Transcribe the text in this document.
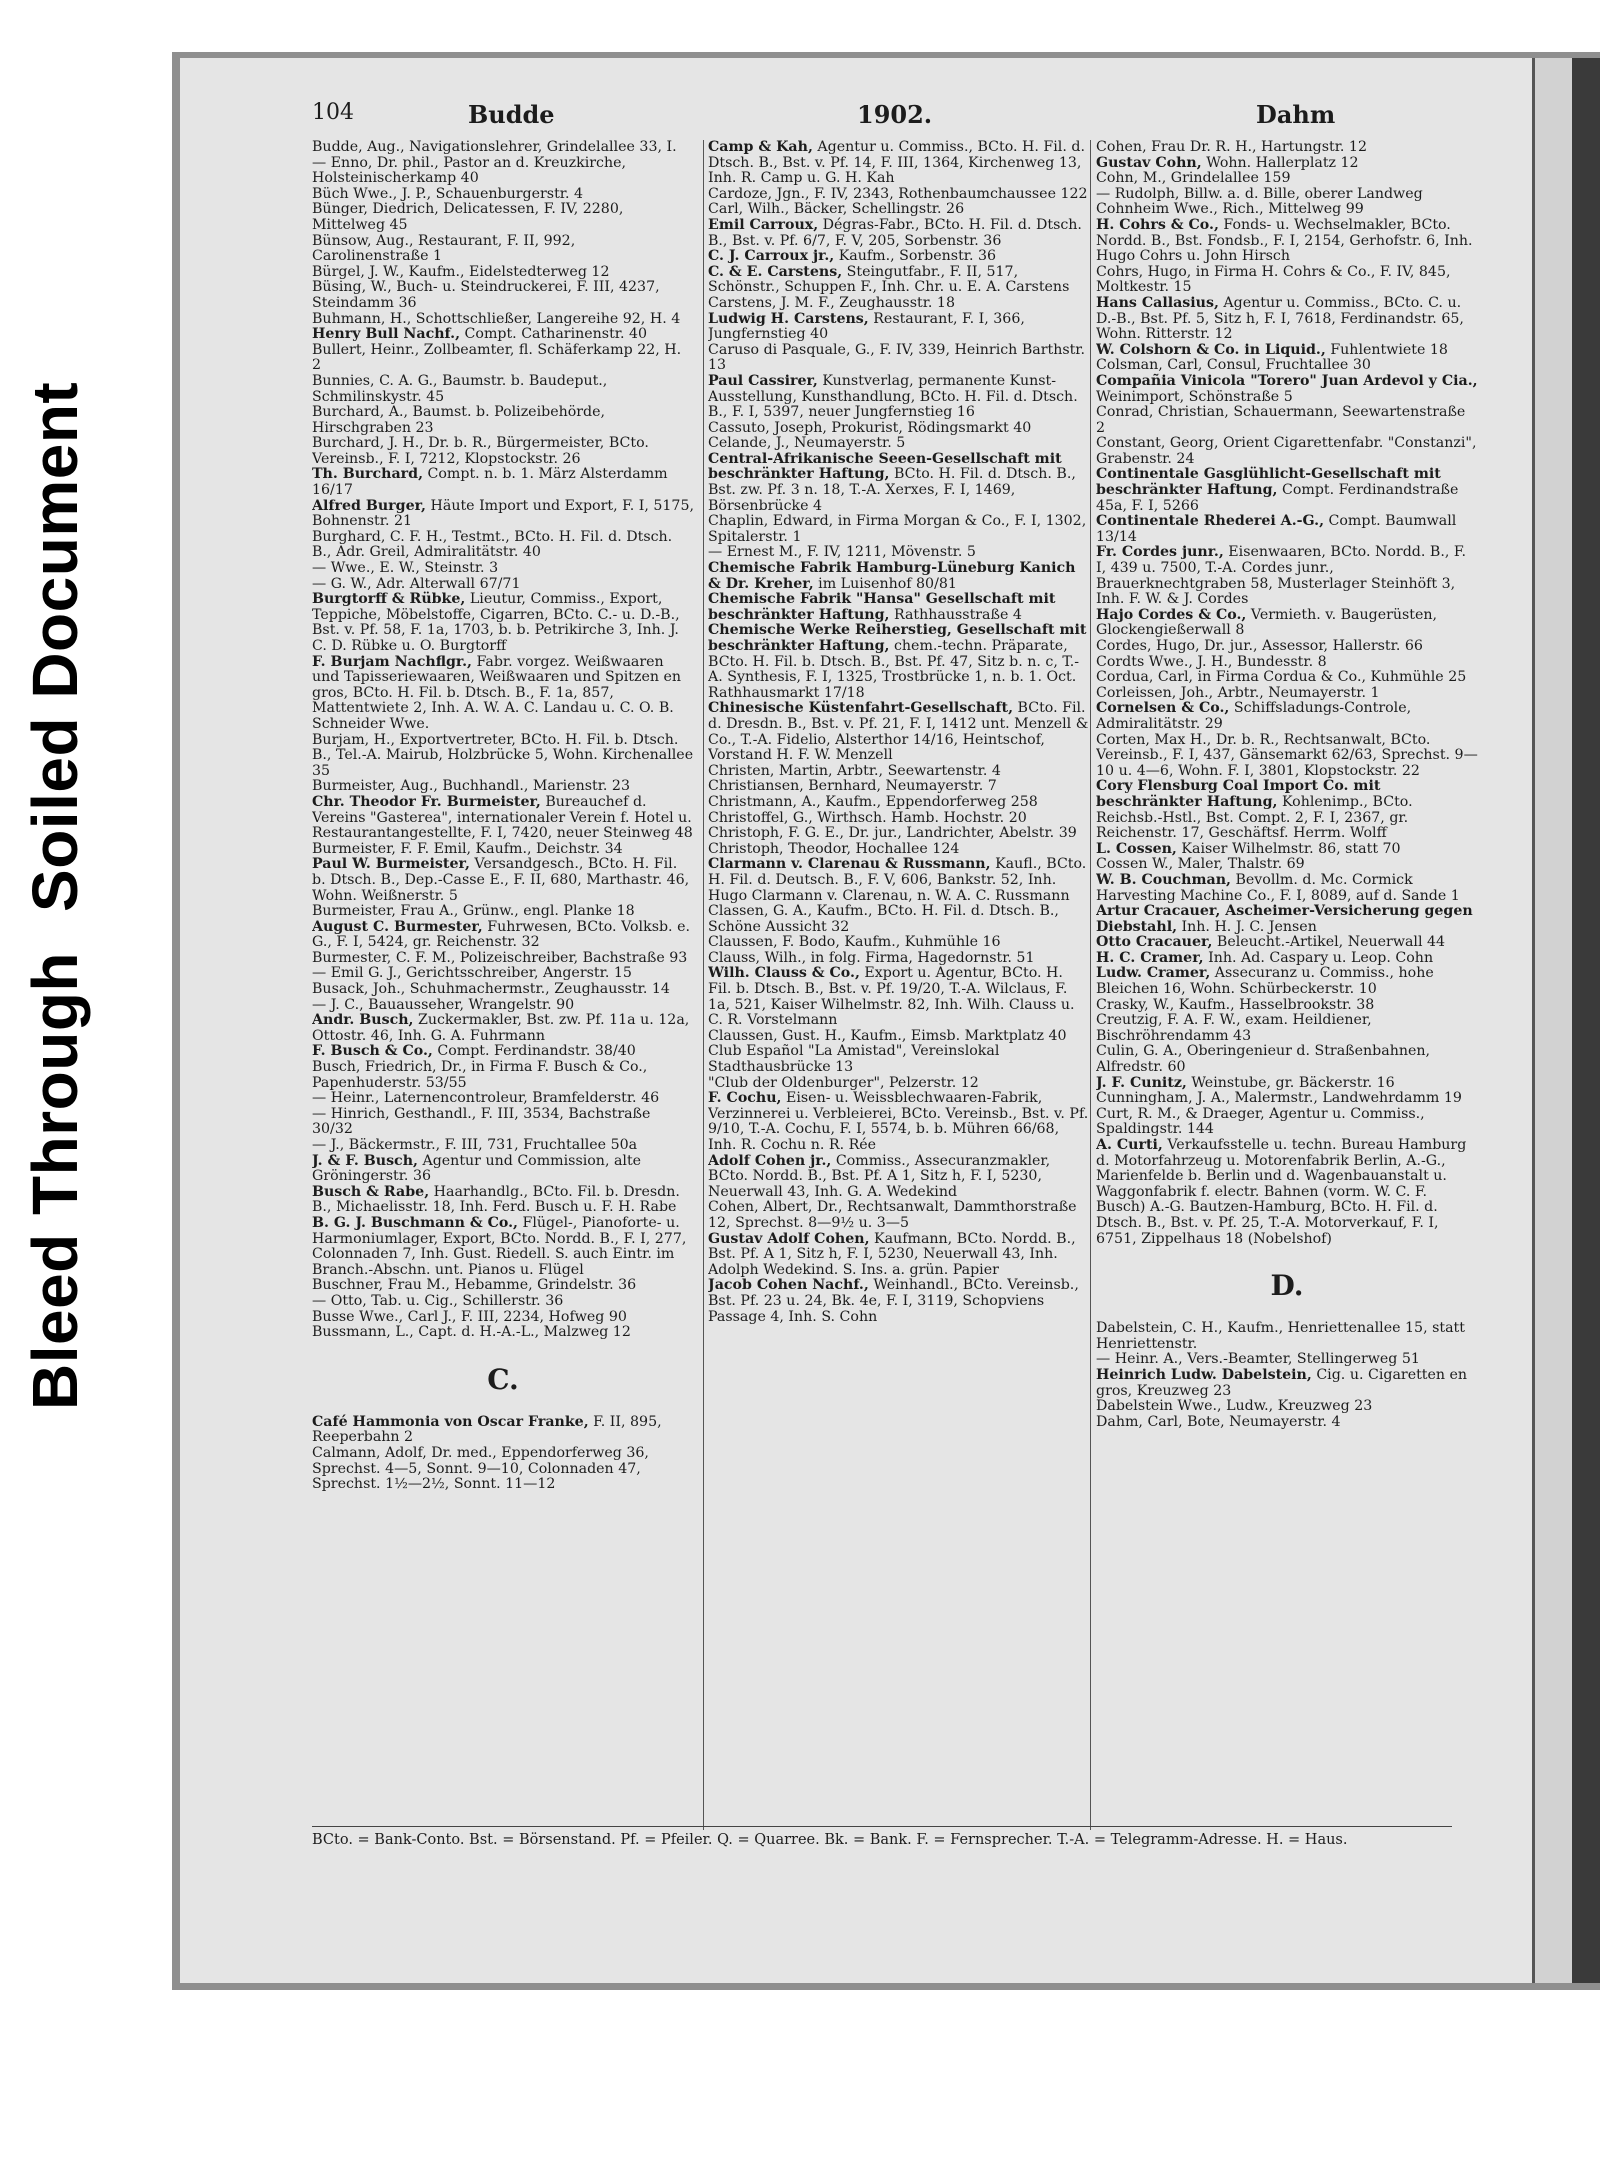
Bleed ThroughSoiled Document
104	Budde	1902.	Dahm

Budde, Aug., Navigationslehrer, Grindelallee 33, I.

— Enno, Dr. phil., Pastor an d. Kreuzkirche, Holsteinischerkamp 40

Büch Wwe., J. P., Schauenburgerstr. 4

Bünger, Diedrich, Delicatessen, F. IV, 2280, Mittelweg 45

Bünsow, Aug., Restaurant, F. II, 992, Carolinenstraße 1

Bürgel, J. W., Kaufm., Eidelstedterweg 12

Büsing, W., Buch- u. Steindruckerei, F. III, 4237, Steindamm 36

Buhmann, H., Schottschließer, Langereihe 92, H. 4

Henry Bull Nachf., Compt. Catharinenstr. 40

Bullert, Heinr., Zollbeamter, fl. Schäferkamp 22, H. 2

Bunnies, C. A. G., Baumstr. b. Baudeput., Schmilinskystr. 45

Burchard, A., Baumst. b. Polizeibehörde, Hirschgraben 23

Burchard, J. H., Dr. b. R., Bürgermeister, BCto. Vereinsb., F. I, 7212, Klopstockstr. 26

Th. Burchard, Compt. n. b. 1. März Alsterdamm 16/17

Alfred Burger, Häute Import und Export, F. I, 5175, Bohnenstr. 21

Burghard, C. F. H., Testmt., BCto. H. Fil. d. Dtsch. B., Adr. Greil, Admiralitätstr. 40

— Wwe., E. W., Steinstr. 3

— G. W., Adr. Alterwall 67/71

Burgtorff & Rübke, Lieutur, Commiss., Export, Teppiche, Möbelstoffe, Cigarren, BCto. C.- u. D.-B., Bst. v. Pf. 58, F. 1a, 1703, b. b. Petrikirche 3, Inh. J. C. D. Rübke u. O. Burgtorff

F. Burjam Nachflgr., Fabr. vorgez. Weißwaaren und Tapisseriewaaren, Weißwaaren und Spitzen en gros, BCto. H. Fil. b. Dtsch. B., F. 1a, 857, Mattentwiete 2, Inh. A. W. A. C. Landau u. C. O. B. Schneider Wwe.

Burjam, H., Exportvertreter, BCto. H. Fil. b. Dtsch. B., Tel.-A. Mairub, Holzbrücke 5, Wohn. Kirchenallee 35

Burmeister, Aug., Buchhandl., Marienstr. 23

Chr. Theodor Fr. Burmeister, Bureauchef d. Vereins "Gasterea", internationaler Verein f. Hotel u. Restaurantangestellte, F. I, 7420, neuer Steinweg 48

Burmeister, F. F. Emil, Kaufm., Deichstr. 34

Paul W. Burmeister, Versandgesch., BCto. H. Fil. b. Dtsch. B., Dep.-Casse E., F. II, 680, Marthastr. 46, Wohn. Weißnerstr. 5

Burmeister, Frau A., Grünw., engl. Planke 18

August C. Burmester, Fuhrwesen, BCto. Volksb. e. G., F. I, 5424, gr. Reichenstr. 32

Burmester, C. F. M., Polizeischreiber, Bachstraße 93

— Emil G. J., Gerichtsschreiber, Angerstr. 15

Busack, Joh., Schuhmachermstr., Zeughausstr. 14

— J. C., Bauausseher, Wrangelstr. 90

Andr. Busch, Zuckermakler, Bst. zw. Pf. 11a u. 12a, Ottostr. 46, Inh. G. A. Fuhrmann

F. Busch & Co., Compt. Ferdinandstr. 38/40

Busch, Friedrich, Dr., in Firma F. Busch & Co., Papenhuderstr. 53/55

— Heinr., Laternencontroleur, Bramfelderstr. 46

— Hinrich, Gesthandl., F. III, 3534, Bachstraße 30/32

— J., Bäckermstr., F. III, 731, Fruchtallee 50a

J. & F. Busch, Agentur und Commission, alte Gröningerstr. 36

Busch & Rabe, Haarhandlg., BCto. Fil. b. Dresdn. B., Michaelisstr. 18, Inh. Ferd. Busch u. F. H. Rabe

B. G. J. Buschmann & Co., Flügel-, Pianoforte- u. Harmoniumlager, Export, BCto. Nordd. B., F. I, 277, Colonnaden 7, Inh. Gust. Riedell. S. auch Eintr. im Branch.-Abschn. unt. Pianos u. Flügel

Buschner, Frau M., Hebamme, Grindelstr. 36

— Otto, Tab. u. Cig., Schillerstr. 36

Busse Wwe., Carl J., F. III, 2234, Hofweg 90

Bussmann, L., Capt. d. H.-A.-L., Malzweg 12

C.

Café Hammonia von Oscar Franke, F. II, 895, Reeperbahn 2

Calmann, Adolf, Dr. med., Eppendorferweg 36, Sprechst. 4—5, Sonnt. 9—10, Colonnaden 47, Sprechst. 1½—2½, Sonnt. 11—12

Camp & Kah, Agentur u. Commiss., BCto. H. Fil. d. Dtsch. B., Bst. v. Pf. 14, F. III, 1364, Kirchenweg 13, Inh. R. Camp u. G. H. Kah

Cardoze, Jgn., F. IV, 2343, Rothenbaumchaussee 122

Carl, Wilh., Bäcker, Schellingstr. 26

Emil Carroux, Dégras-Fabr., BCto. H. Fil. d. Dtsch. B., Bst. v. Pf. 6/7, F. V, 205, Sorbenstr. 36

C. J. Carroux jr., Kaufm., Sorbenstr. 36

C. & E. Carstens, Steingutfabr., F. II, 517, Schönstr., Schuppen F., Inh. Chr. u. E. A. Carstens

Carstens, J. M. F., Zeughausstr. 18

Ludwig H. Carstens, Restaurant, F. I, 366, Jungfernstieg 40

Caruso di Pasquale, G., F. IV, 339, Heinrich Barthstr. 13

Paul Cassirer, Kunstverlag, permanente Kunst-Ausstellung, Kunsthandlung, BCto. H. Fil. d. Dtsch. B., F. I, 5397, neuer Jungfernstieg 16

Cassuto, Joseph, Prokurist, Rödingsmarkt 40

Celande, J., Neumayerstr. 5

Central-Afrikanische Seeen-Gesellschaft mit beschränkter Haftung, BCto. H. Fil. d. Dtsch. B., Bst. zw. Pf. 3 n. 18, T.-A. Xerxes, F. I, 1469, Börsenbrücke 4

Chaplin, Edward, in Firma Morgan & Co., F. I, 1302, Spitalerstr. 1

— Ernest M., F. IV, 1211, Mövenstr. 5

Chemische Fabrik Hamburg-Lüneburg Kanich & Dr. Kreher, im Luisenhof 80/81

Chemische Fabrik "Hansa" Gesellschaft mit beschränkter Haftung, Rathhausstraße 4

Chemische Werke Reiherstieg, Gesellschaft mit beschränkter Haftung, chem.-techn. Präparate, BCto. H. Fil. b. Dtsch. B., Bst. Pf. 47, Sitz b. n. c, T.-A. Synthesis, F. I, 1325, Trostbrücke 1, n. b. 1. Oct. Rathhausmarkt 17/18

Chinesische Küstenfahrt-Gesellschaft, BCto. Fil. d. Dresdn. B., Bst. v. Pf. 21, F. I, 1412 unt. Menzell & Co., T.-A. Fidelio, Alsterthor 14/16, Heintschof, Vorstand H. F. W. Menzell

Christen, Martin, Arbtr., Seewartenstr. 4

Christiansen, Bernhard, Neumayerstr. 7

Christmann, A., Kaufm., Eppendorferweg 258

Christoffel, G., Wirthsch. Hamb. Hochstr. 20

Christoph, F. G. E., Dr. jur., Landrichter, Abelstr. 39

Christoph, Theodor, Hochallee 124

Clarmann v. Clarenau & Russmann, Kaufl., BCto. H. Fil. d. Deutsch. B., F. V, 606, Bankstr. 52, Inh. Hugo Clarmann v. Clarenau, n. W. A. C. Russmann

Classen, G. A., Kaufm., BCto. H. Fil. d. Dtsch. B., Schöne Aussicht 32

Claussen, F. Bodo, Kaufm., Kuhmühle 16

Clauss, Wilh., in folg. Firma, Hagedornstr. 51

Wilh. Clauss & Co., Export u. Agentur, BCto. H. Fil. b. Dtsch. B., Bst. v. Pf. 19/20, T.-A. Wilclaus, F. 1a, 521, Kaiser Wilhelmstr. 82, Inh. Wilh. Clauss u. C. R. Vorstelmann

Claussen, Gust. H., Kaufm., Eimsb. Marktplatz 40

Club Español "La Amistad", Vereinslokal Stadthausbrücke 13

"Club der Oldenburger", Pelzerstr. 12

F. Cochu, Eisen- u. Weissblechwaaren-Fabrik, Verzinnerei u. Verbleierei, BCto. Vereinsb., Bst. v. Pf. 9/10, T.-A. Cochu, F. I, 5574, b. b. Mühren 66/68, Inh. R. Cochu n. R. Rée

Adolf Cohen jr., Commiss., Assecuranzmakler, BCto. Nordd. B., Bst. Pf. A 1, Sitz h, F. I, 5230, Neuerwall 43, Inh. G. A. Wedekind

Cohen, Albert, Dr., Rechtsanwalt, Dammthorstraße 12, Sprechst. 8—9½ u. 3—5

Gustav Adolf Cohen, Kaufmann, BCto. Nordd. B., Bst. Pf. A 1, Sitz h, F. I, 5230, Neuerwall 43, Inh. Adolph Wedekind. S. Ins. a. grün. Papier

Jacob Cohen Nachf., Weinhandl., BCto. Vereinsb., Bst. Pf. 23 u. 24, Bk. 4e, F. I, 3119, Schopviens Passage 4, Inh. S. Cohn

Cohen, Frau Dr. R. H., Hartungstr. 12

Gustav Cohn, Wohn. Hallerplatz 12

Cohn, M., Grindelallee 159

— Rudolph, Billw. a. d. Bille, oberer Landweg

Cohnheim Wwe., Rich., Mittelweg 99

H. Cohrs & Co., Fonds- u. Wechselmakler, BCto. Nordd. B., Bst. Fondsb., F. I, 2154, Gerhofstr. 6, Inh. Hugo Cohrs u. John Hirsch

Cohrs, Hugo, in Firma H. Cohrs & Co., F. IV, 845, Moltkestr. 15

Hans Callasius, Agentur u. Commiss., BCto. C. u. D.-B., Bst. Pf. 5, Sitz h, F. I, 7618, Ferdinandstr. 65, Wohn. Ritterstr. 12

W. Colshorn & Co. in Liquid., Fuhlentwiete 18

Colsman, Carl, Consul, Fruchtallee 30

Compañia Vinicola "Torero" Juan Ardevol y Cia., Weinimport, Schönstraße 5

Conrad, Christian, Schauermann, Seewartenstraße 2

Constant, Georg, Orient Cigarettenfabr. "Constanzi", Grabenstr. 24

Continentale Gasglühlicht-Gesellschaft mit beschränkter Haftung, Compt. Ferdinandstraße 45a, F. I, 5266

Continentale Rhederei A.-G., Compt. Baumwall 13/14

Fr. Cordes junr., Eisenwaaren, BCto. Nordd. B., F. I, 439 u. 7500, T.-A. Cordes junr., Brauerknechtgraben 58, Musterlager Steinhöft 3, Inh. F. W. & J. Cordes

Hajo Cordes & Co., Vermieth. v. Baugerüsten, Glockengießerwall 8

Cordes, Hugo, Dr. jur., Assessor, Hallerstr. 66

Cordts Wwe., J. H., Bundesstr. 8

Cordua, Carl, in Firma Cordua & Co., Kuhmühle 25

Corleissen, Joh., Arbtr., Neumayerstr. 1

Cornelsen & Co., Schiffsladungs-Controle, Admiralitätstr. 29

Corten, Max H., Dr. b. R., Rechtsanwalt, BCto. Vereinsb., F. I, 437, Gänsemarkt 62/63, Sprechst. 9—10 u. 4—6, Wohn. F. I, 3801, Klopstockstr. 22

Cory Flensburg Coal Import Co. mit beschränkter Haftung, Kohlenimp., BCto. Reichsb.-Hstl., Bst. Compt. 2, F. I, 2367, gr. Reichenstr. 17, Geschäftsf. Herrm. Wolff

L. Cossen, Kaiser Wilhelmstr. 86, statt 70

Cossen W., Maler, Thalstr. 69

W. B. Couchman, Bevollm. d. Mc. Cormick Harvesting Machine Co., F. I, 8089, auf d. Sande 1

Artur Cracauer, Ascheimer-Versicherung gegen Diebstahl, Inh. H. J. C. Jensen

Otto Cracauer, Beleucht.-Artikel, Neuerwall 44

H. C. Cramer, Inh. Ad. Caspary u. Leop. Cohn

Ludw. Cramer, Assecuranz u. Commiss., hohe Bleichen 16, Wohn. Schürbeckerstr. 10

Crasky, W., Kaufm., Hasselbrookstr. 38

Creutzig, F. A. F. W., exam. Heildiener, Bischröhrendamm 43

Culin, G. A., Oberingenieur d. Straßenbahnen, Alfredstr. 60

J. F. Cunitz, Weinstube, gr. Bäckerstr. 16

Cunningham, J. A., Malermstr., Landwehrdamm 19

Curt, R. M., & Draeger, Agentur u. Commiss., Spaldingstr. 144

A. Curti, Verkaufsstelle u. techn. Bureau Hamburg d. Motorfahrzeug u. Motorenfabrik Berlin, A.-G., Marienfelde b. Berlin und d. Wagenbauanstalt u. Waggonfabrik f. electr. Bahnen (vorm. W. C. F. Busch) A.-G. Bautzen-Hamburg, BCto. H. Fil. d. Dtsch. B., Bst. v. Pf. 25, T.-A. Motorverkauf, F. I, 6751, Zippelhaus 18 (Nobelshof)

D.

Dabelstein, C. H., Kaufm., Henriettenallee 15, statt Henriettenstr.

— Heinr. A., Vers.-Beamter, Stellingerweg 51

Heinrich Ludw. Dabelstein, Cig. u. Cigaretten en gros, Kreuzweg 23

Dabelstein Wwe., Ludw., Kreuzweg 23

Dahm, Carl, Bote, Neumayerstr. 4

BCto. = Bank-Conto. Bst. = Börsenstand. Pf. = Pfeiler. Q. = Quarree. Bk. = Bank. F. = Fernsprecher. T.-A. = Telegramm-Adresse. H. = Haus.
